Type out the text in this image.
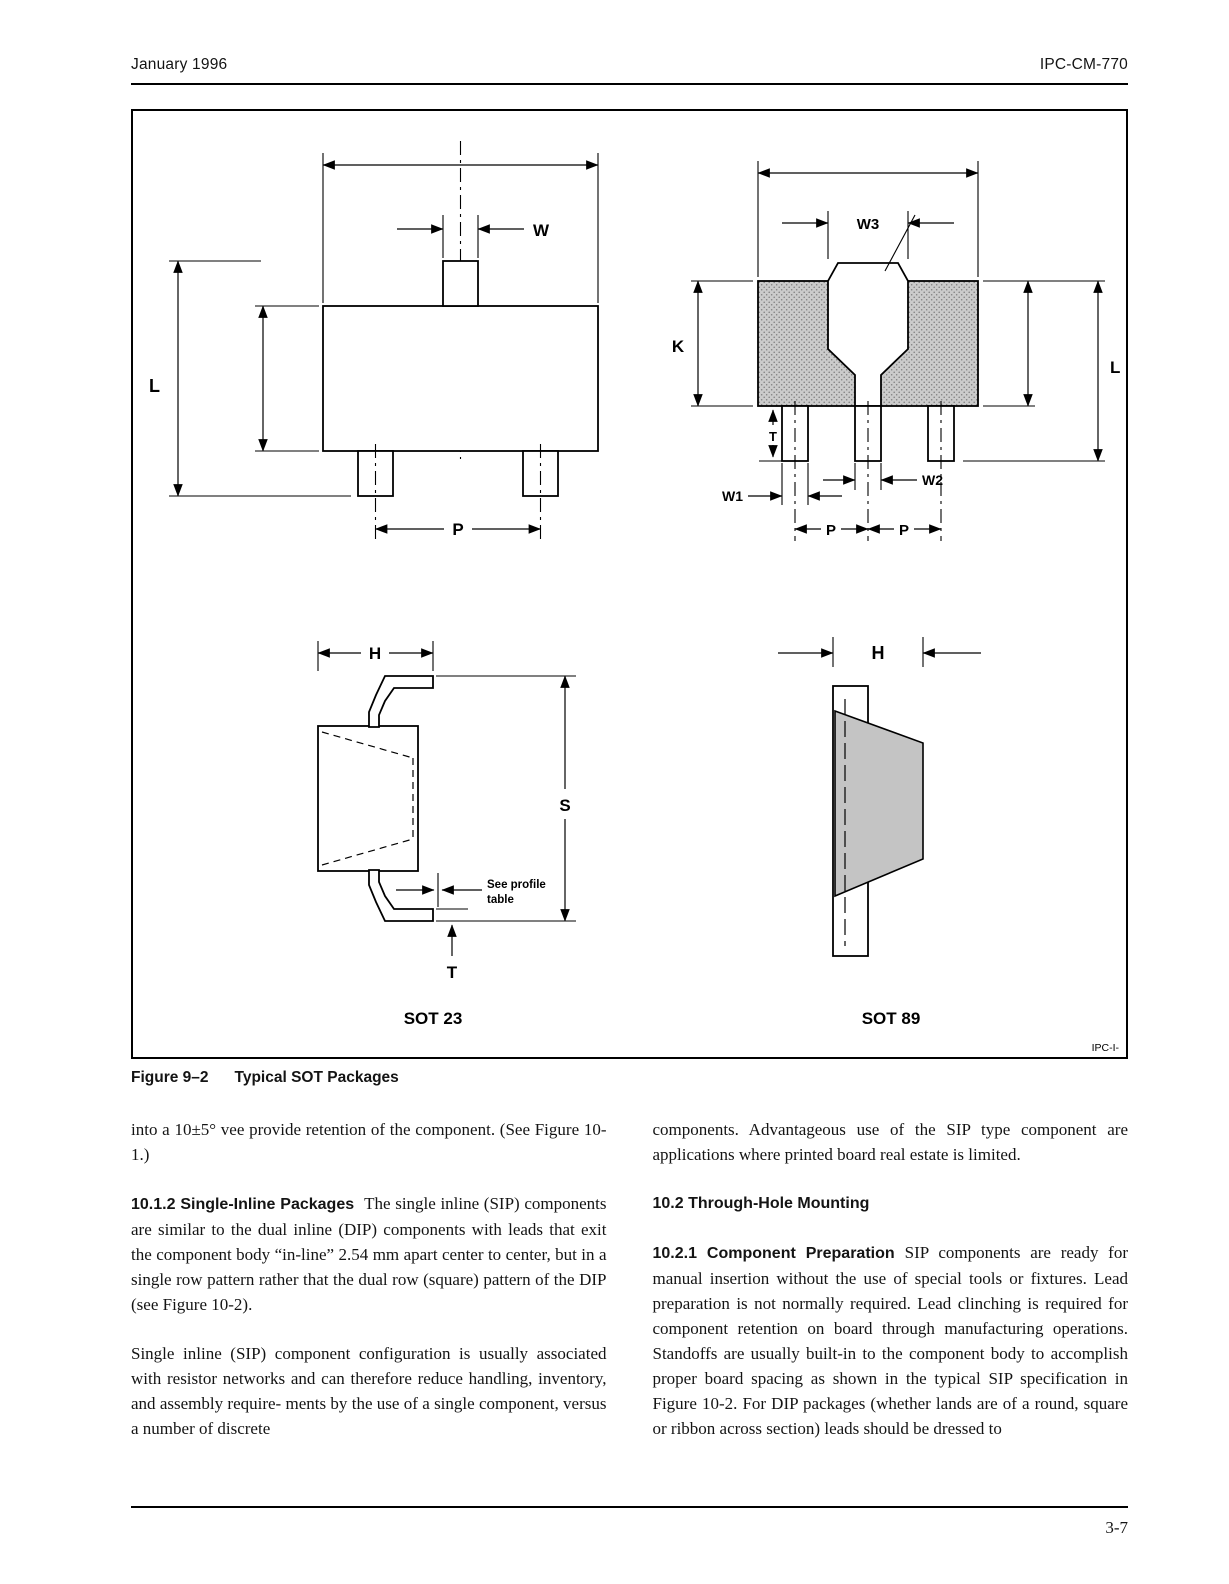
January 1996	IPC-CM-770
W
L
P
W3
K
L
T
W1
W2
P	P
H
S
See profile
table
T
H
SOT 23	SOT 89
IPC-I-
Figure 9–2 Typical SOT Packages

into a 10±5° vee provide retention of the component. (See Figure 10-1.)

10.1.2 Single-Inline Packages The single inline (SIP) components are similar to the dual inline (DIP) components with leads that exit the component body “in-line” 2.54 mm apart center to center, but in a single row pattern rather that the dual row (square) pattern of the DIP (see Figure 10-2).

Single inline (SIP) component configuration is usually associated with resistor networks and can therefore reduce handling, inventory, and assembly require- ments by the use of a single component, versus a number of discrete

components. Advantageous use of the SIP type component are applications where printed board real estate is limited.

10.2 Through-Hole Mounting

10.2.1 Component Preparation SIP components are ready for manual insertion without the use of special tools or fixtures. Lead preparation is not normally required. Lead clinching is required for component retention on board through manufacturing operations. Standoffs are usually built-in to the component body to accomplish proper board spacing as shown in the typical SIP specification in Figure 10-2. For DIP packages (whether lands are of a round, square or ribbon across section) leads should be dressed to

3-7
